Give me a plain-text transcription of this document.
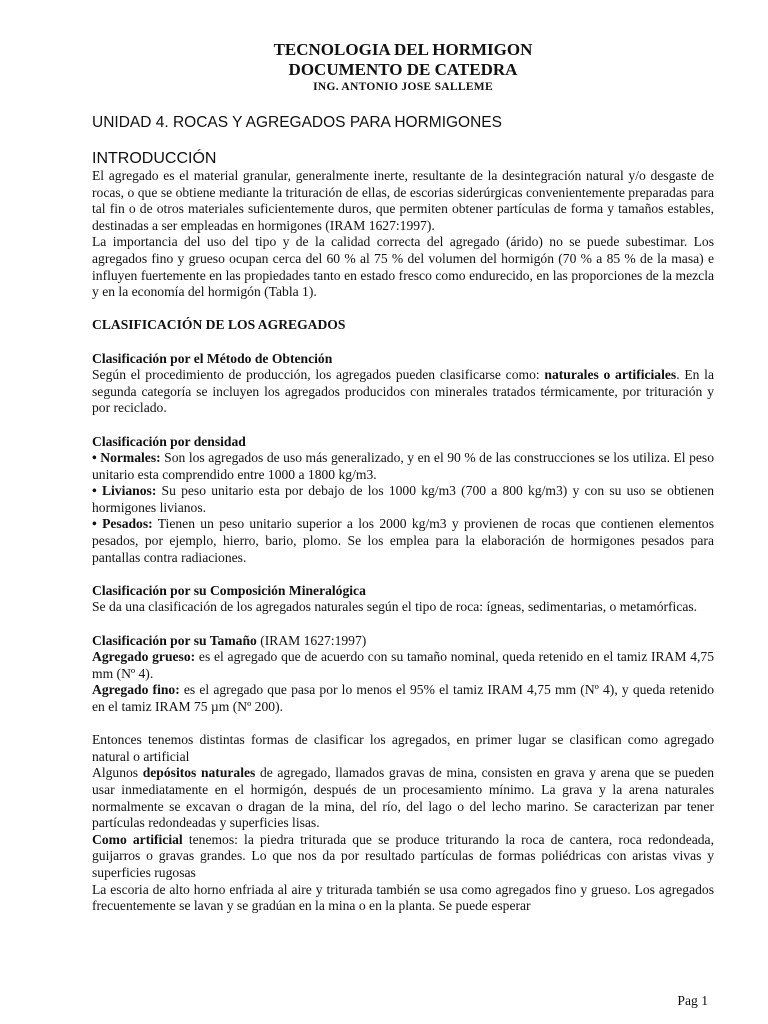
TECNOLOGIA DEL HORMIGON
DOCUMENTO DE CATEDRA
ING. ANTONIO JOSE SALLEME
UNIDAD 4. ROCAS Y AGREGADOS PARA HORMIGONES
INTRODUCCIÓN

El agregado es el material granular, generalmente inerte, resultante de la desintegración natural y/o desgaste de rocas, o que se obtiene mediante la trituración de ellas, de escorias siderúrgicas convenientemente preparadas para tal fin o de otros materiales suficientemente duros, que permiten obtener partículas de forma y tamaños estables, destinadas a ser empleadas en hormigones (IRAM 1627:1997).

La importancia del uso del tipo y de la calidad correcta del agregado (árido) no se puede subestimar. Los agregados fino y grueso ocupan cerca del 60 % al 75 % del volumen del hormigón (70 % a 85 % de la masa) e influyen fuertemente en las propiedades tanto en estado fresco como endurecido, en las proporciones de la mezcla y en la economía del hormigón (Tabla 1).

CLASIFICACIÓN DE LOS AGREGADOS
Clasificación por el Método de Obtención

Según el procedimiento de producción, los agregados pueden clasificarse como: naturales o artificiales. En la segunda categoría se incluyen los agregados producidos con minerales tratados térmicamente, por trituración y por reciclado.

Clasificación por densidad

• Normales: Son los agregados de uso más generalizado, y en el 90 % de las construcciones se los utiliza. El peso unitario esta comprendido entre 1000 a 1800 kg/m3.

• Livianos: Su peso unitario esta por debajo de los 1000 kg/m3 (700 a 800 kg/m3) y con su uso se obtienen hormigones livianos.

• Pesados: Tienen un peso unitario superior a los 2000 kg/m3 y provienen de rocas que contienen elementos pesados, por ejemplo, hierro, bario, plomo. Se los emplea para la elaboración de hormigones pesados para pantallas contra radiaciones.

Clasificación por su Composición Mineralógica

Se da una clasificación de los agregados naturales según el tipo de roca: ígneas, sedimentarias, o metamórficas.

Clasificación por su Tamaño (IRAM 1627:1997)

Agregado grueso: es el agregado que de acuerdo con su tamaño nominal, queda retenido en el tamiz IRAM 4,75 mm (Nº 4).

Agregado fino: es el agregado que pasa por lo menos el 95% el tamiz IRAM 4,75 mm (Nº 4), y queda retenido en el tamiz IRAM 75 µm (Nº 200).

Entonces tenemos distintas formas de clasificar los agregados, en primer lugar se clasifican como agregado natural o artificial

Algunos depósitos naturales de agregado, llamados gravas de mina, consisten en grava y arena que se pueden usar inmediatamente en el hormigón, después de un procesamiento mínimo. La grava y la arena naturales normalmente se excavan o dragan de la mina, del río, del lago o del lecho marino. Se caracterizan par tener partículas redondeadas y superficies lisas.

Como artificial tenemos: la piedra triturada que se produce triturando la roca de cantera, roca redondeada, guijarros o gravas grandes. Lo que nos da por resultado partículas de formas poliédricas con aristas vivas y superficies rugosas

La escoria de alto horno enfriada al aire y triturada también se usa como agregados fino y grueso. Los agregados frecuentemente se lavan y se gradúan en la mina o en la planta. Se puede esperar

Pag 1
